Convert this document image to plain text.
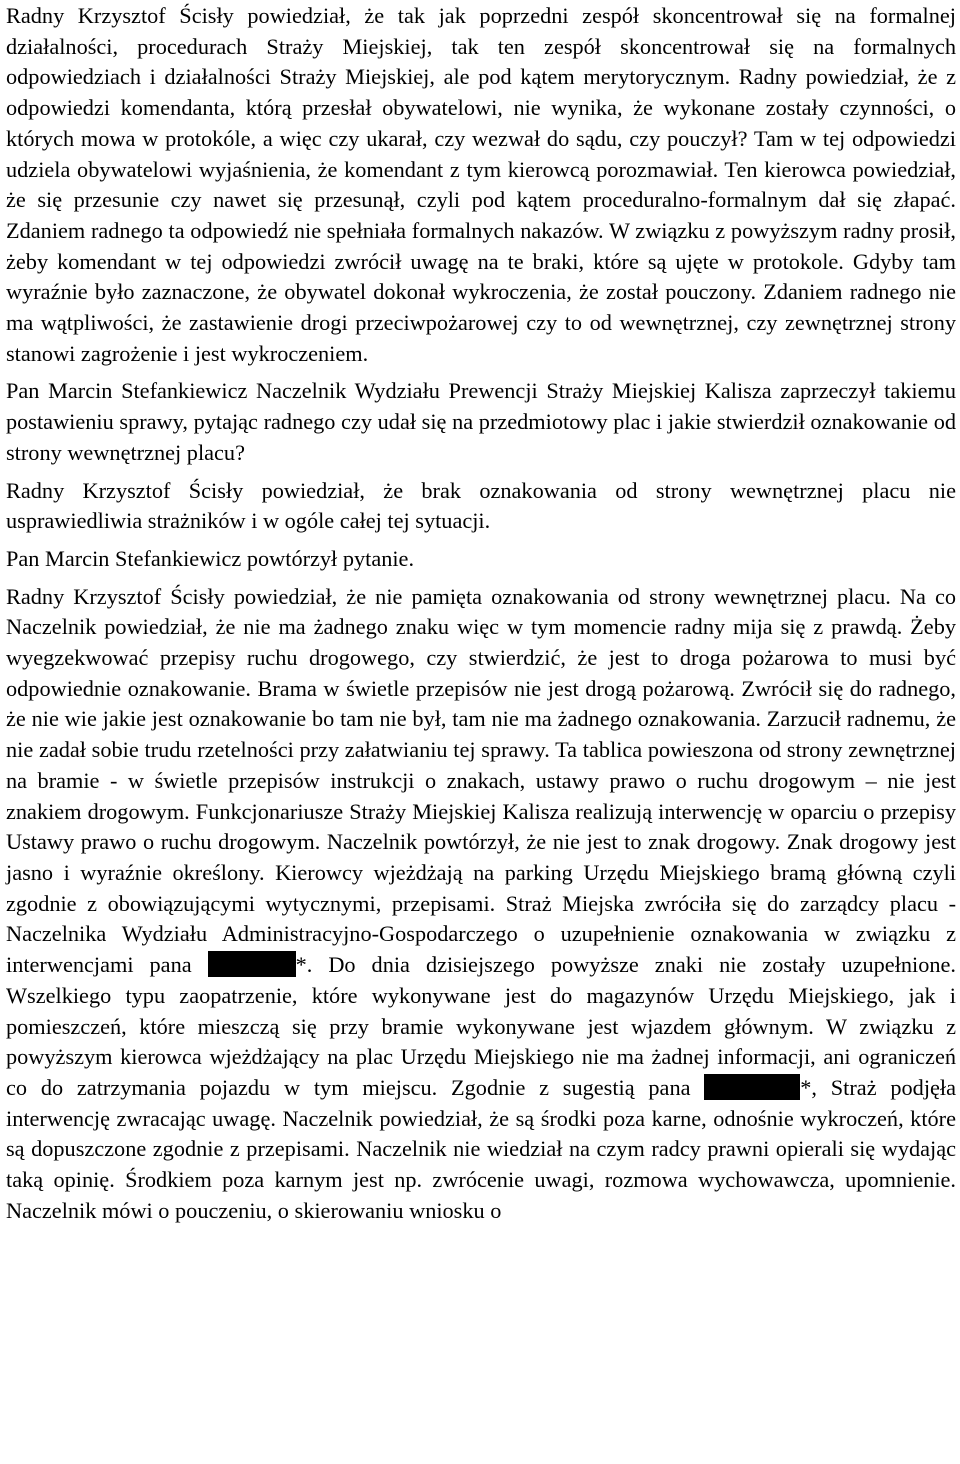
Radny Krzysztof Ścisły powiedział, że tak jak poprzedni zespół skoncentrował się na formalnej działalności, procedurach Straży Miejskiej, tak ten zespół skoncentrował się na formalnych odpowiedziach i działalności Straży Miejskiej, ale pod kątem merytorycznym. Radny powiedział, że z odpowiedzi komendanta, którą przesłał obywatelowi, nie wynika, że wykonane zostały czynności, o których mowa w protokóle, a więc czy ukarał, czy wezwał do sądu, czy pouczył? Tam w tej odpowiedzi udziela obywatelowi wyjaśnienia, że komendant z tym kierowcą porozmawiał. Ten kierowca powiedział, że się przesunie czy nawet się przesunął, czyli pod kątem proceduralno-formalnym dał się złapać. Zdaniem radnego ta odpowiedź nie spełniała formalnych nakazów. W związku z powyższym radny prosił, żeby komendant w tej odpowiedzi zwrócił uwagę na te braki, które są ujęte w protokole. Gdyby tam wyraźnie było zaznaczone, że obywatel dokonał wykroczenia, że został pouczony. Zdaniem radnego nie ma wątpliwości, że zastawienie drogi przeciwpożarowej czy to od wewnętrznej, czy zewnętrznej strony stanowi zagrożenie i jest wykroczeniem.

Pan Marcin Stefankiewicz Naczelnik Wydziału Prewencji Straży Miejskiej Kalisza zaprzeczył takiemu postawieniu sprawy, pytając radnego czy udał się na przedmiotowy plac i jakie stwierdził oznakowanie od strony wewnętrznej placu?

Radny Krzysztof Ścisły powiedział, że brak oznakowania od strony wewnętrznej placu nie usprawiedliwia strażników i w ogóle całej tej sytuacji.

Pan Marcin Stefankiewicz powtórzył pytanie.

Radny Krzysztof Ścisły powiedział, że nie pamięta oznakowania od strony wewnętrznej placu. Na co Naczelnik powiedział, że nie ma żadnego znaku więc w tym momencie radny mija się z prawdą. Żeby wyegzekwować przepisy ruchu drogowego, czy stwierdzić, że jest to droga pożarowa to musi być odpowiednie oznakowanie. Brama w świetle przepisów nie jest drogą pożarową. Zwrócił się do radnego, że nie wie jakie jest oznakowanie bo tam nie był, tam nie ma żadnego oznakowania. Zarzucił radnemu, że nie zadał sobie trudu rzetelności przy załatwianiu tej sprawy. Ta tablica powieszona od strony zewnętrznej na bramie - w świetle przepisów instrukcji o znakach, ustawy prawo o ruchu drogowym – nie jest znakiem drogowym. Funkcjonariusze Straży Miejskiej Kalisza realizują interwencję w oparciu o przepisy Ustawy prawo o ruchu drogowym. Naczelnik powtórzył, że nie jest to znak drogowy. Znak drogowy jest jasno i wyraźnie określony. Kierowcy wjeżdżają na parking Urzędu Miejskiego bramą główną czyli zgodnie z obowiązującymi wytycznymi, przepisami. Straż Miejska zwróciła się do zarządcy placu - Naczelnika Wydziału Administracyjno-Gospodarczego o uzupełnienie oznakowania w związku z interwencjami pana	*. Do dnia dzisiejszego powyższe znaki nie zostały uzupełnione. Wszelkiego typu zaopatrzenie, które wykonywane jest do magazynów Urzędu Miejskiego, jak i pomieszczeń, które mieszczą się przy bramie wykonywane jest wjazdem głównym. W związku z powyższym kierowca wjeżdżający na plac Urzędu Miejskiego nie ma żadnej informacji, ani ograniczeń co do zatrzymania pojazdu w tym miejscu. Zgodnie z sugestią pana	*, Straż podjęła interwencję zwracając uwagę. Naczelnik powiedział, że są środki poza karne, odnośnie wykroczeń, które są dopuszczone zgodnie z przepisami. Naczelnik nie wiedział na czym radcy prawni opierali się wydając taką opinię. Środkiem poza karnym jest np. zwrócenie uwagi, rozmowa wychowawcza, upomnienie. Naczelnik mówi o pouczeniu, o skierowaniu wniosku o
